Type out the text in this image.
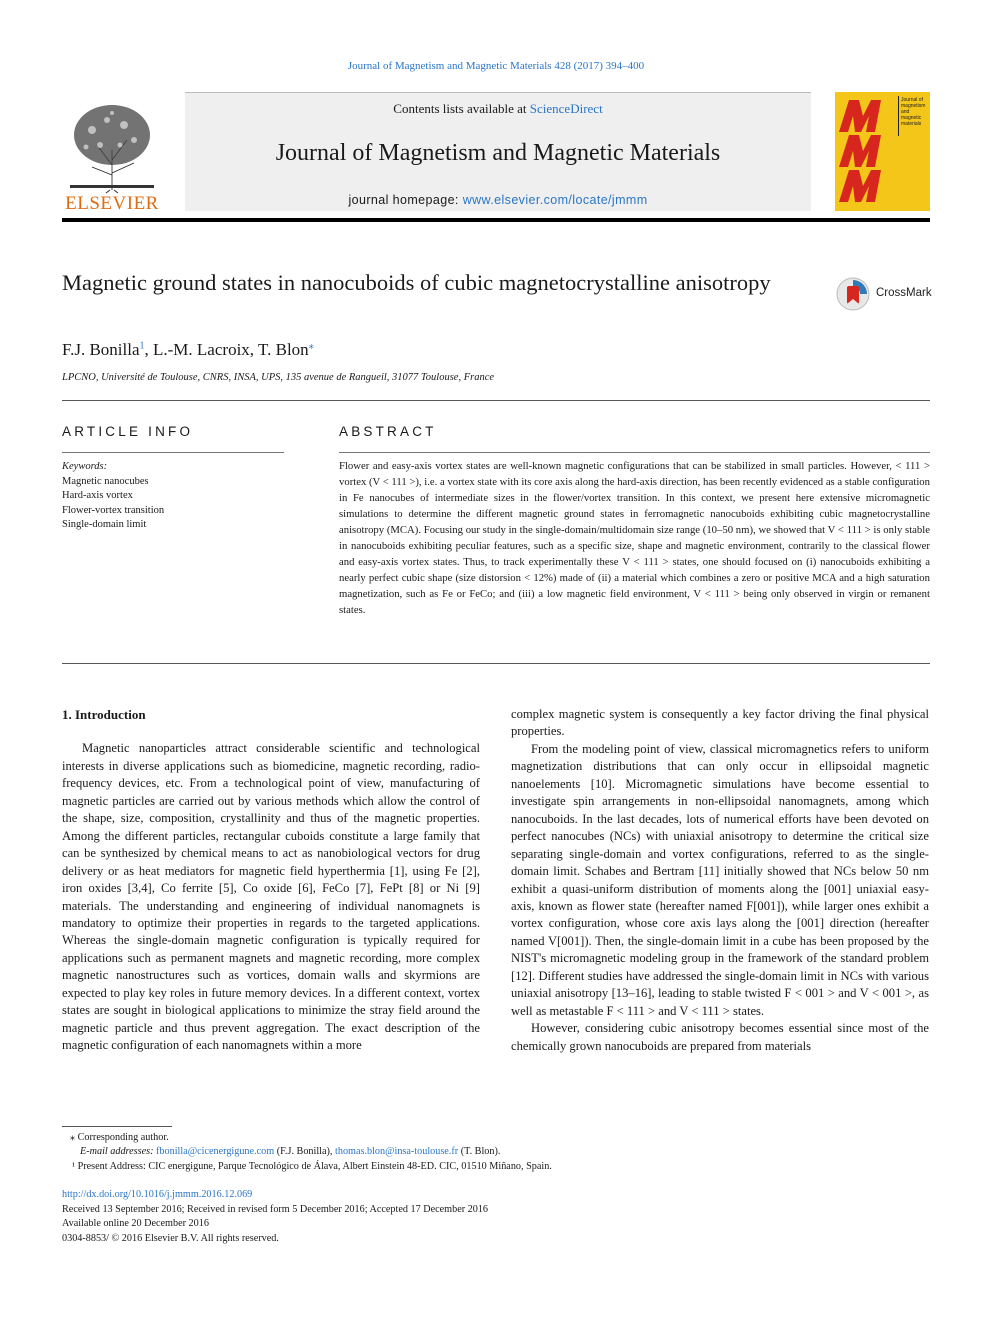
Journal of Magnetism and Magnetic Materials 428 (2017) 394–400
ELSEVIER
Contents lists available at ScienceDirect
Journal of Magnetism and Magnetic Materials
journal homepage: www.elsevier.com/locate/jmmm
Journal of magnetism and magnetic materials
Magnetic ground states in nanocuboids of cubic magnetocrystalline anisotropy	CrossMark
F.J. Bonilla$^1$, L.-M. Lacroix, T. Blon⁎
LPCNO, Université de Toulouse, CNRS, INSA, UPS, 135 avenue de Rangueil, 31077 Toulouse, France
ARTICLE INFO	ABSTRACT
Keywords:
Magnetic nanocubes
Hard-axis vortex
Flower-vortex transition
Single-domain limit
Flower and easy-axis vortex states are well-known magnetic configurations that can be stabilized in small particles. However, < 111 > vortex (V < 111 >), i.e. a vortex state with its core axis along the hard-axis direction, has been recently evidenced as a stable configuration in Fe nanocubes of intermediate sizes in the flower/vortex transition. In this context, we present here extensive micromagnetic simulations to determine the different magnetic ground states in ferromagnetic nanocuboids exhibiting cubic magnetocrystalline anisotropy (MCA). Focusing our study in the single-domain/multidomain size range (10–50 nm), we showed that V < 111 > is only stable in nanocuboids exhibiting peculiar features, such as a specific size, shape and magnetic environment, contrarily to the classical flower and easy-axis vortex states. Thus, to track experimentally these V < 111 > states, one should focused on (i) nanocuboids exhibiting a nearly perfect cubic shape (size distorsion < 12%) made of (ii) a material which combines a zero or positive MCA and a high saturation magnetization, such as Fe or FeCo; and (iii) a low magnetic field environment, V < 111 > being only observed in virgin or remanent states.

1. Introduction

Magnetic nanoparticles attract considerable scientific and technological interests in diverse applications such as biomedicine, magnetic recording, radio-frequency devices, etc. From a technological point of view, manufacturing of magnetic particles are carried out by various methods which allow the control of the shape, size, composition, crystallinity and thus of the magnetic properties. Among the different particles, rectangular cuboids constitute a large family that can be synthesized by chemical means to act as nanobiological vectors for drug delivery or as heat mediators for magnetic field hyperthermia [1], using Fe [2], iron oxides [3,4], Co ferrite [5], Co oxide [6], FeCo [7], FePt [8] or Ni [9] materials. The understanding and engineering of individual nanomagnets is mandatory to optimize their properties in regards to the targeted applications. Whereas the single-domain magnetic configuration is typically required for applications such as permanent magnets and magnetic recording, more complex magnetic nanostructures such as vortices, domain walls and skyrmions are expected to play key roles in future memory devices. In a different context, vortex states are sought in biological applications to minimize the stray field around the magnetic particle and thus prevent aggregation. The exact description of the magnetic configuration of each nanomagnets within a more

complex magnetic system is consequently a key factor driving the final physical properties.

From the modeling point of view, classical micromagnetics refers to uniform magnetization distributions that can only occur in ellipsoidal magnetic nanoelements [10]. Micromagnetic simulations have become essential to investigate spin arrangements in non-ellipsoidal nanomagnets, among which nanocuboids. In the last decades, lots of numerical efforts have been devoted on perfect nanocubes (NCs) with uniaxial anisotropy to determine the critical size separating single-domain and vortex configurations, referred to as the single-domain limit. Schabes and Bertram [11] initially showed that NCs below 50 nm exhibit a quasi-uniform distribution of moments along the [001] uniaxial easy-axis, known as flower state (hereafter named F[001]), while larger ones exhibit a vortex configuration, whose core axis lays along the [001] direction (hereafter named V[001]). Then, the single-domain limit in a cube has been proposed by the NIST's micromagnetic modeling group in the framework of the standard problem [12]. Different studies have addressed the single-domain limit in NCs with various uniaxial anisotropy [13–16], leading to stable twisted F < 001 > and V < 001 >, as well as metastable F < 111 > and V < 111 > states.

However, considering cubic anisotropy becomes essential since most of the chemically grown nanocuboids are prepared from materials

⁎ Corresponding author.
E-mail addresses: fbonilla@cicenergigune.com (F.J. Bonilla), thomas.blon@insa-toulouse.fr (T. Blon).
¹ Present Address: CIC energigune, Parque Tecnológico de Álava, Albert Einstein 48-ED. CIC, 01510 Miñano, Spain.
http://dx.doi.org/10.1016/j.jmmm.2016.12.069
Received 13 September 2016; Received in revised form 5 December 2016; Accepted 17 December 2016
Available online 20 December 2016
0304-8853/ © 2016 Elsevier B.V. All rights reserved.
